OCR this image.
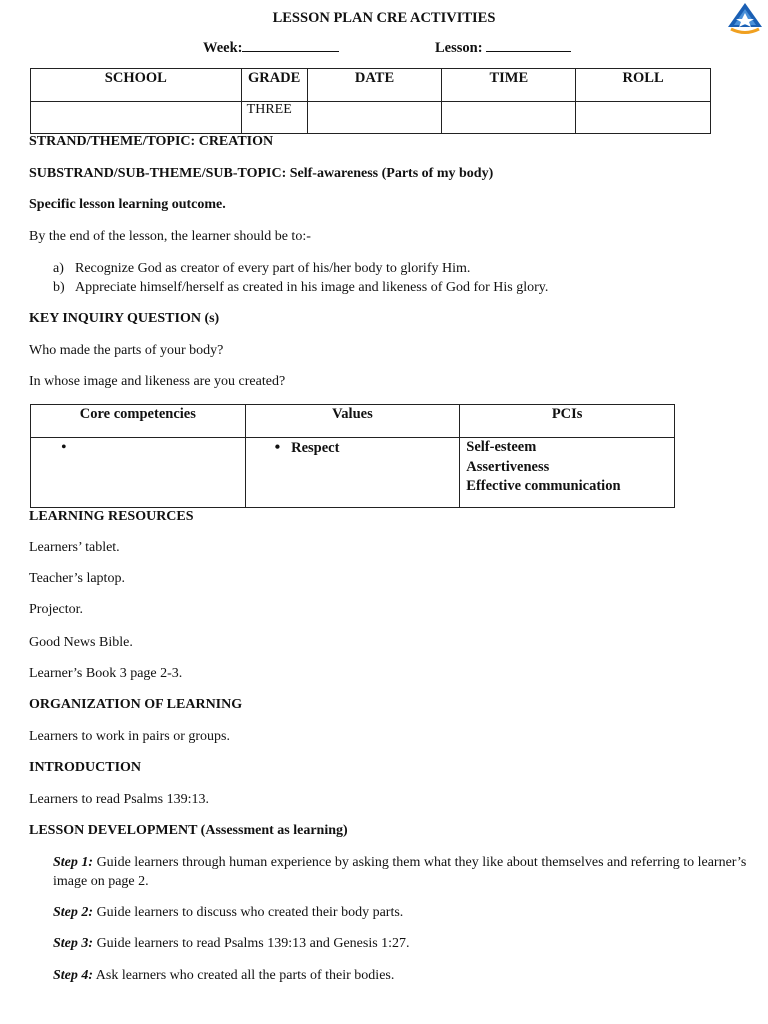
LESSON PLAN CRE ACTIVITIES
Week:	Lesson:
SCHOOL	GRADE	DATE	TIME	ROLL
	THREE			
STRAND/THEME/TOPIC: CREATION
SUBSTRAND/SUB-THEME/SUB-TOPIC: Self-awareness (Parts of my body)
Specific lesson learning outcome.
By the end of the lesson, the learner should be to:-
a) Recognize God as creator of every part of his/her body to glorify Him.
b) Appreciate himself/herself as created in his image and likeness of God for His glory.
KEY INQUIRY QUESTION (s)
Who made the parts of your body?
In whose image and likeness are you created?
Core competencies	Values	PCIs
•	•    Respect	Self-esteem
Assertiveness
Effective communication
LEARNING RESOURCES
Learners’ tablet.
Teacher’s laptop.
Projector.
Good News Bible.
Learner’s Book 3 page 2-3.
ORGANIZATION OF LEARNING
Learners to work in pairs or groups.
INTRODUCTION
Learners to read Psalms 139:13.
LESSON DEVELOPMENT (Assessment as learning)
Step 1: Guide learners through human experience by asking them what they like about themselves and referring to learner’s image on page 2.
Step 2: Guide learners to discuss who created their body parts.
Step 3: Guide learners to read Psalms 139:13 and Genesis 1:27.
Step 4: Ask learners who created all the parts of their bodies.
